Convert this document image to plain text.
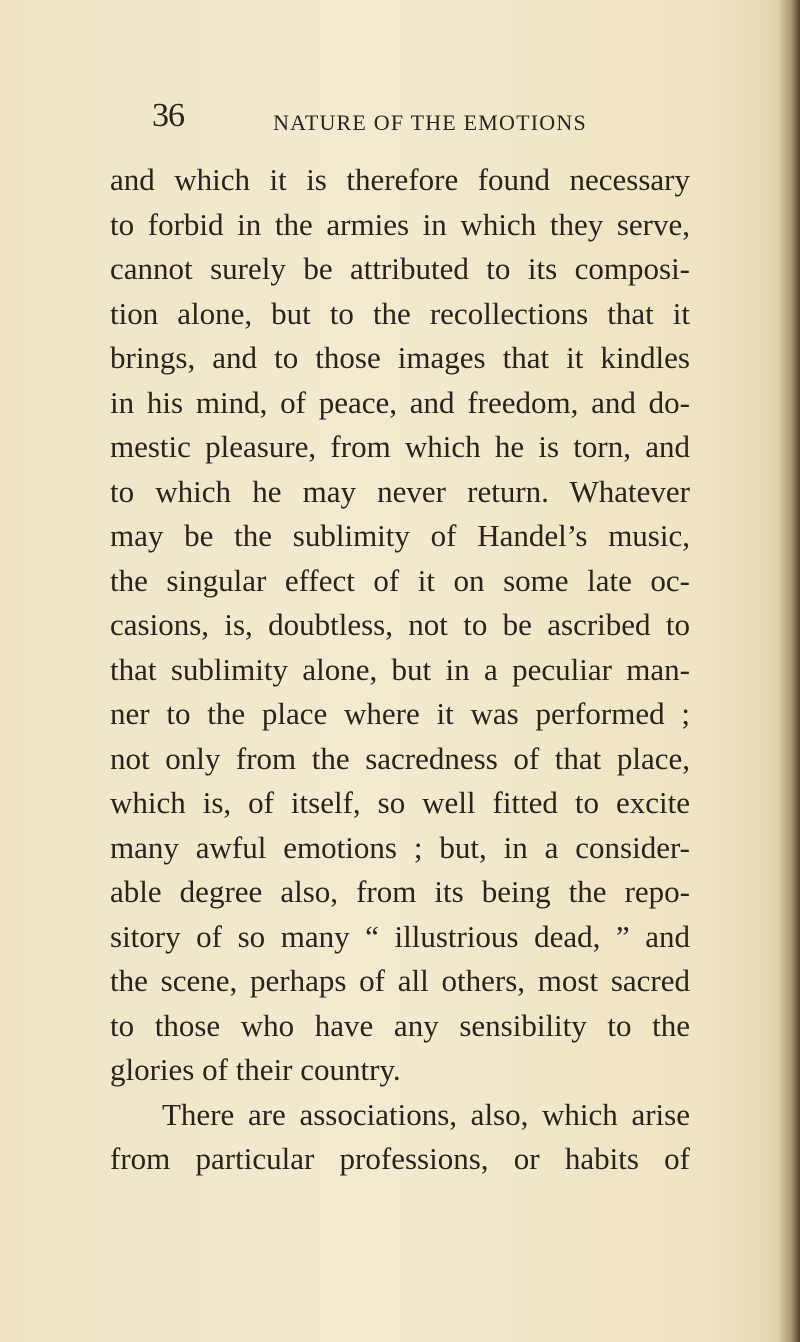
36	NATURE OF THE EMOTIONS
and which it is therefore found necessary
to forbid in the armies in which they serve,
cannot surely be attributed to its composi-
tion alone, but to the recollections that it
brings, and to those images that it kindles
in his mind, of peace, and freedom, and do-
mestic pleasure, from which he is torn, and
to which he may never return. Whatever
may be the sublimity of Handel’s music,
the singular effect of it on some late oc-
casions, is, doubtless, not to be ascribed to
that sublimity alone, but in a peculiar man-
ner to the place where it was performed ;
not only from the sacredness of that place,
which is, of itself, so well fitted to excite
many awful emotions ; but, in a consider-
able degree also, from its being the repo-
sitory of so many “ illustrious dead, ” and
the scene, perhaps of all others, most sacred
to those who have any sensibility to the
glories of their country.
There are associations, also, which arise
from particular professions, or habits of
